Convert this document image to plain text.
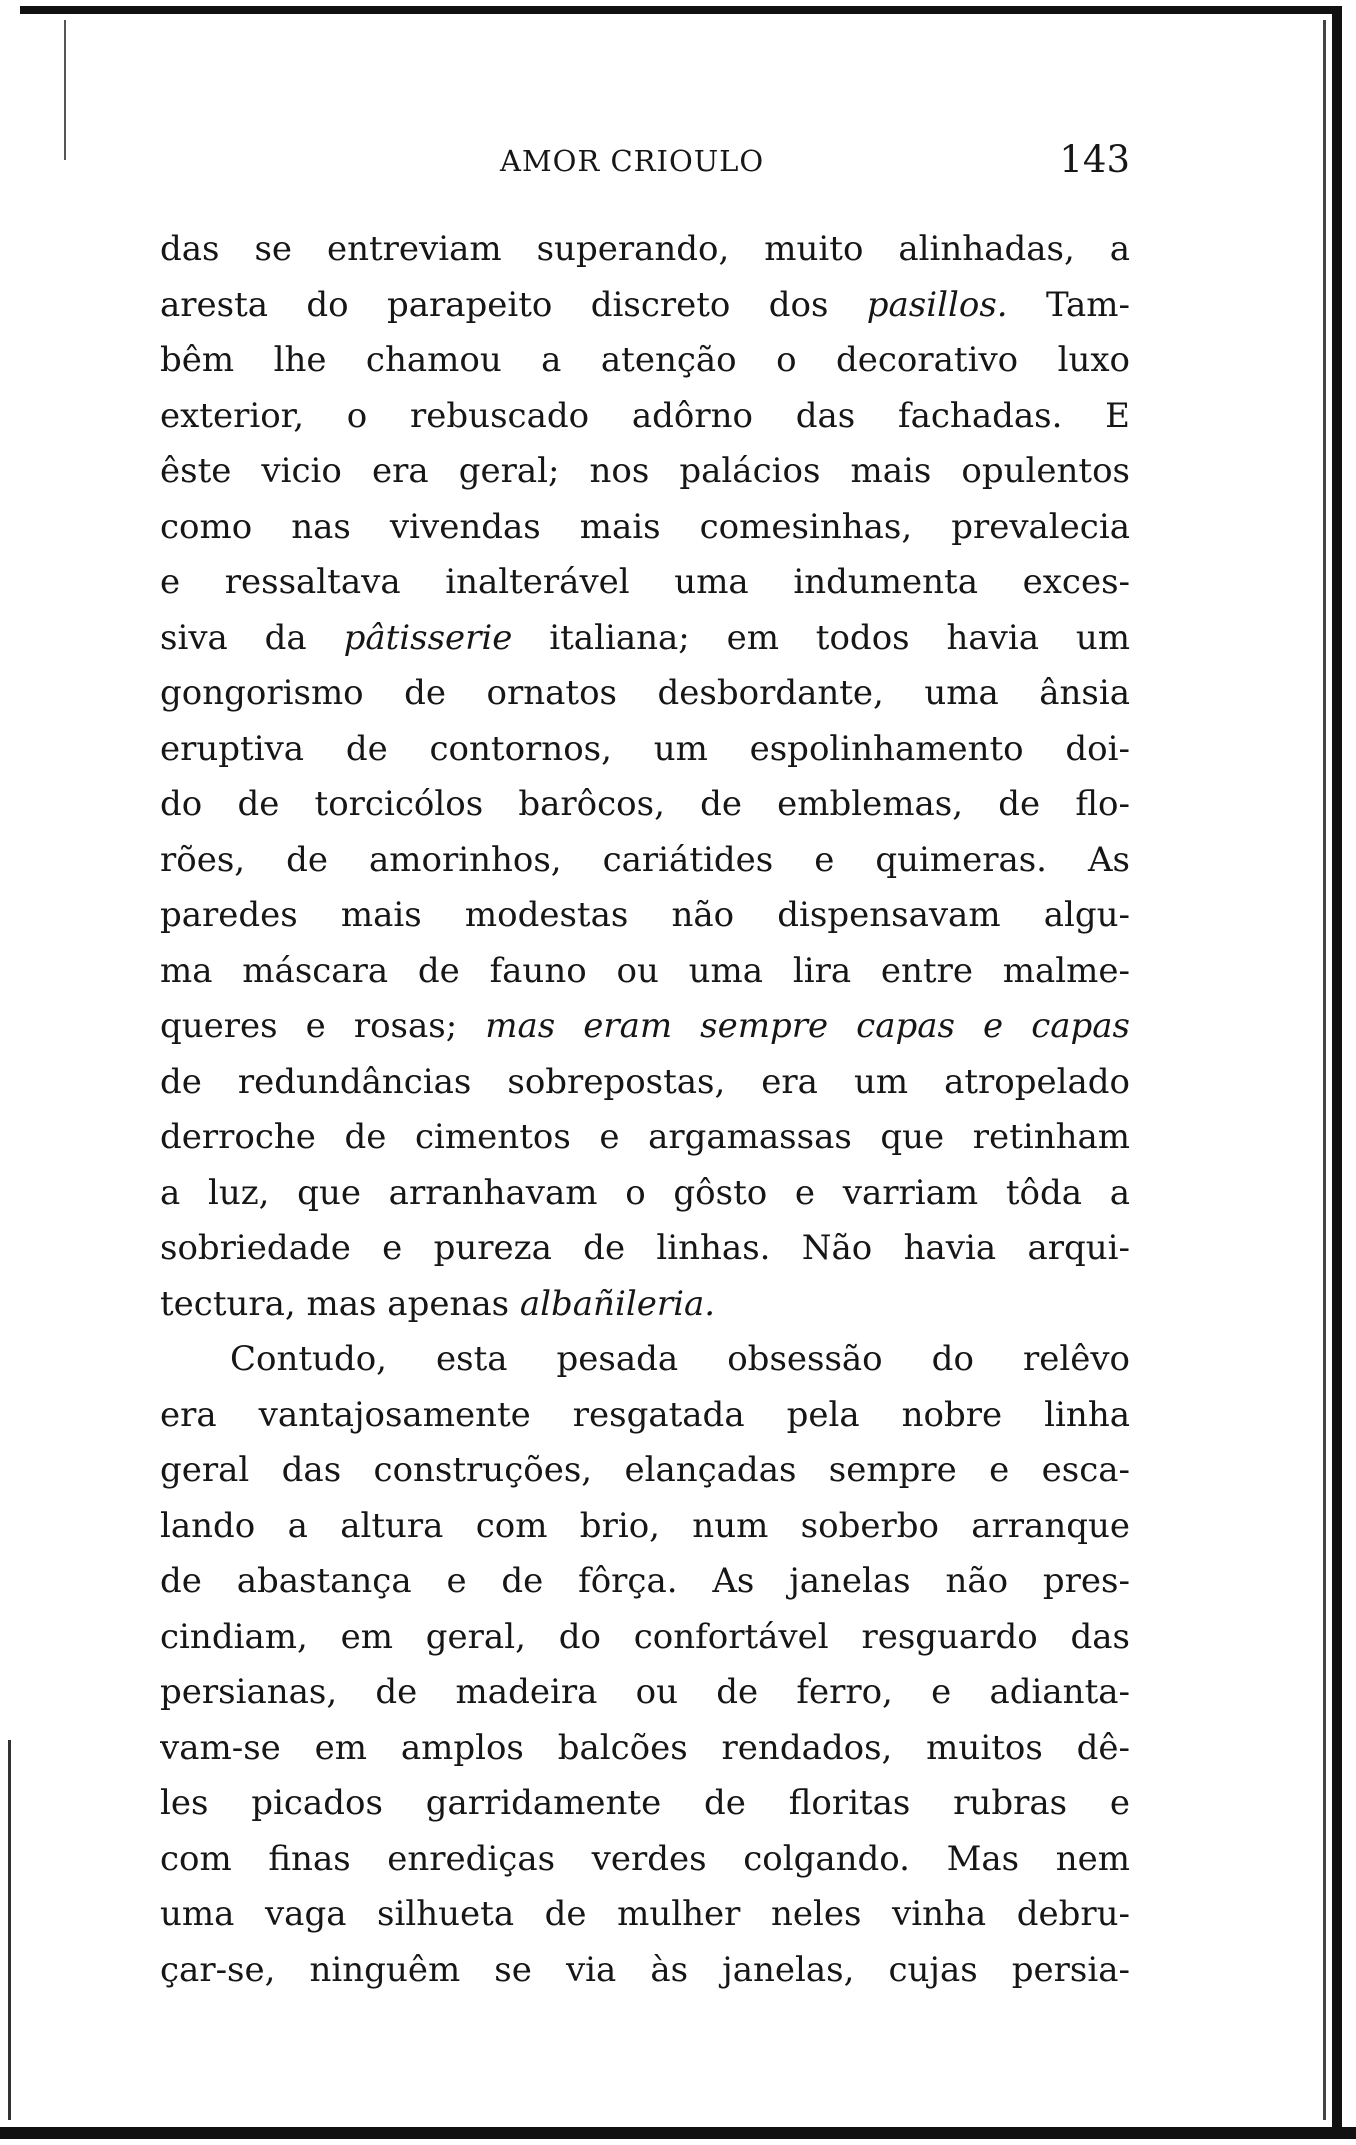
AMOR CRIOULO	143
das se entreviam superando, muito alinhadas, a
aresta do parapeito discreto dos pasillos. Tam-
bêm lhe chamou a atenção o decorativo luxo
exterior, o rebuscado adôrno das fachadas. E
êste vicio era geral; nos palácios mais opulentos
como nas vivendas mais comesinhas, prevalecia
e ressaltava inalterável uma indumenta exces-
siva da pâtisserie italiana; em todos havia um
gongorismo de ornatos desbordante, uma ânsia
eruptiva de contornos, um espolinhamento doi-
do de torcicólos barôcos, de emblemas, de flo-
rões, de amorinhos, cariátides e quimeras. As
paredes mais modestas não dispensavam algu-
ma máscara de fauno ou uma lira entre malme-
queres e rosas; mas eram sempre capas e capas
de redundâncias sobrepostas, era um atropelado
derroche de cimentos e argamassas que retinham
a luz, que arranhavam o gôsto e varriam tôda a
sobriedade e pureza de linhas. Não havia arqui-
tectura, mas apenas albañileria.
Contudo, esta pesada obsessão do relêvo
era vantajosamente resgatada pela nobre linha
geral das construções, elançadas sempre e esca-
lando a altura com brio, num soberbo arranque
de abastança e de fôrça. As janelas não pres-
cindiam, em geral, do confortável resguardo das
persianas, de madeira ou de ferro, e adianta-
vam-se em amplos balcões rendados, muitos dê-
les picados garridamente de floritas rubras e
com finas enrediças verdes colgando. Mas nem
uma vaga silhueta de mulher neles vinha debru-
çar-se, ninguêm se via às janelas, cujas persia-
